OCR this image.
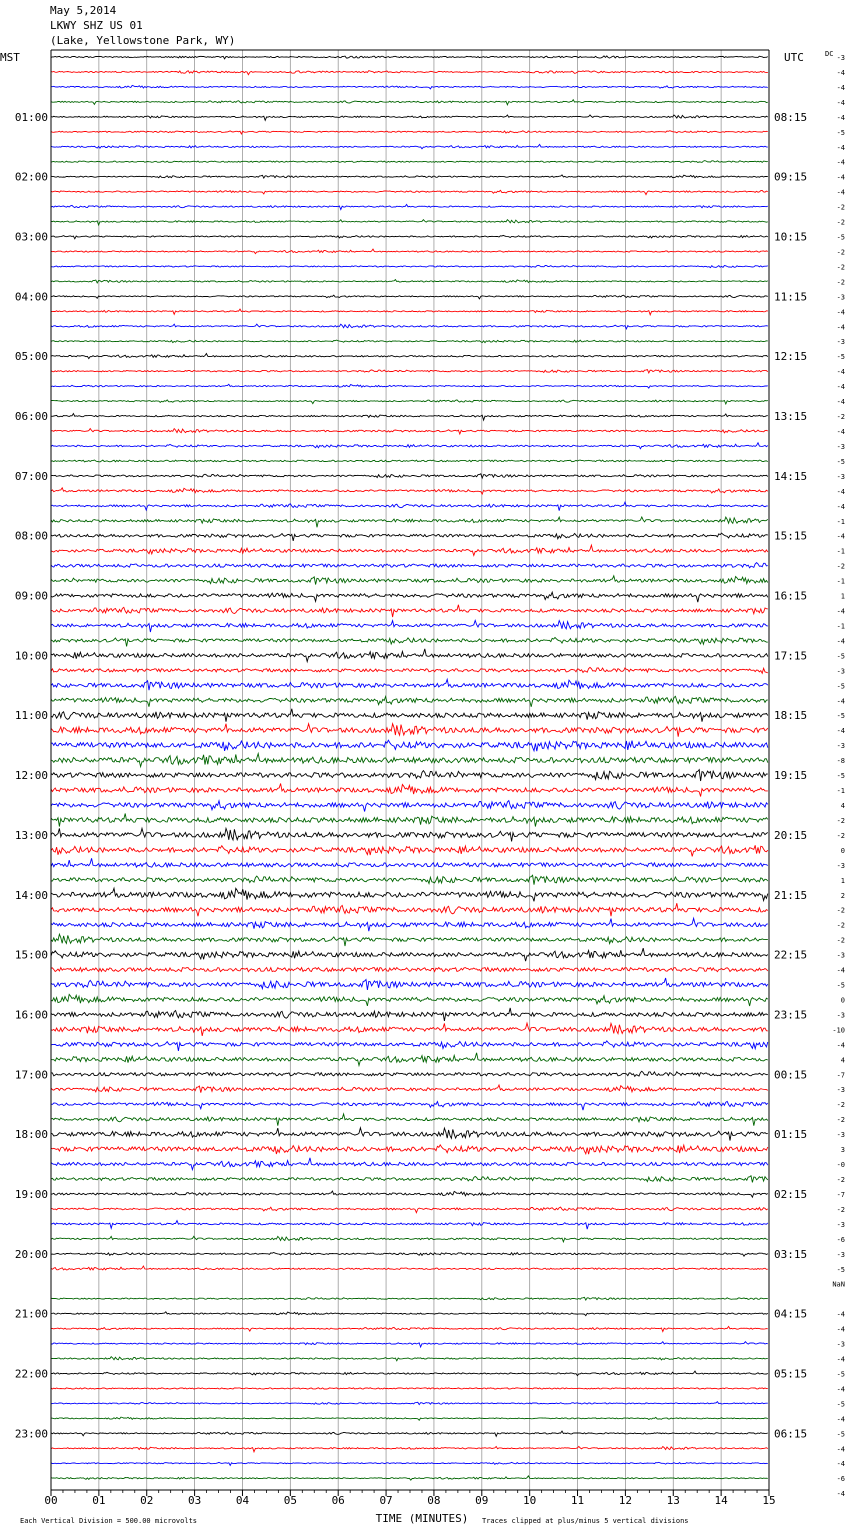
May 5,2014
LKWY SHZ US 01
(Lake, Yellowstone Park, WY)
00	01	02	03	04	05	06	07	08	09	10	11	12	13	14	15
TIME (MINUTES)
Each Vertical Division = 500.00 microvolts	Traces clipped at plus/minus 5 vertical divisions
MST	UTC	DC
01:00
02:00
03:00
04:00
05:00
06:00
07:00
08:00
09:00
10:00
11:00
12:00
13:00
14:00
15:00
16:00
17:00
18:00
19:00
20:00
21:00
22:00
23:00
08:15
09:15
10:15
11:15
12:15
13:15
14:15
15:15
16:15
17:15
18:15
19:15
20:15
21:15
22:15
23:15
00:15
01:15
02:15
03:15
04:15
05:15
06:15
-3
-4
-4
-4
-4
-5
-4
-4
-4
-4
-2
-2
-5
-2
-2
-2
-3
-4
-4
-3
-5
-4
-4
-4
-2
-4
-3
-5
-3
-4
-4
-1
-4
-1
-2
-1
1
-4
-1
-4
-5
-3
-5
-4
-5
-4
-3
-8
-5
-1
4
-2
-2
0
-3
1
2
-2
-2
-2
-3
-4
-5
0
-3
-10
-4
4
-7
-3
-2
-2
-3
3
-0
-2
-7
-2
-3
-6
-3
-5
NaN
-4
-4
-3
-4
-5
-4
-5
-4
-5
-4
-4
-6
-4
